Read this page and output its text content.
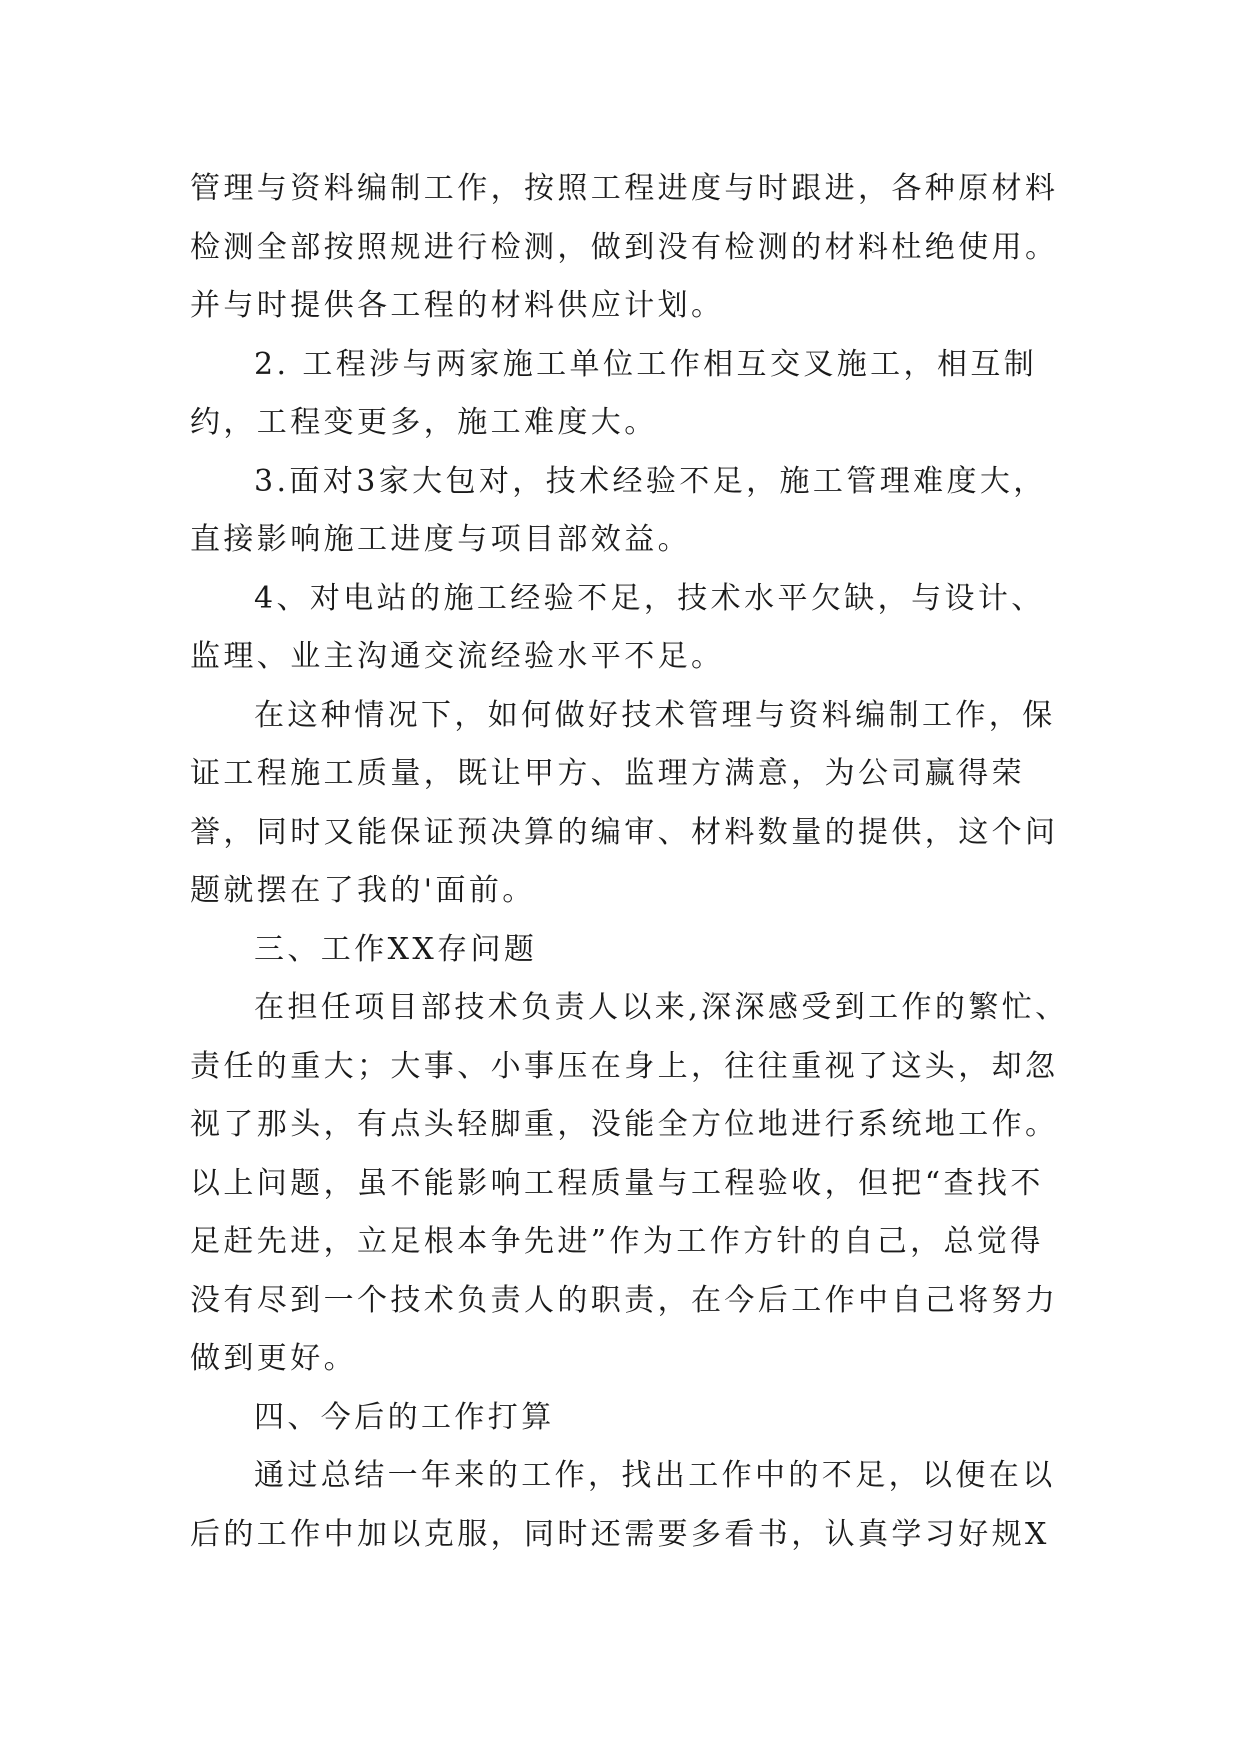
管理与资料编制工作，按照工程进度与时跟进，各种原材料检测全部按照规进行检测，做到没有检测的材料杜绝使用。并与时提供各工程的材料供应计划。

2. 工程涉与两家施工单位工作相互交叉施工，相互制约，工程变更多，施工难度大。

3.面对3家大包对，技术经验不足，施工管理难度大，直接影响施工进度与项目部效益。

4、对电站的施工经验不足，技术水平欠缺，与设计、监理、业主沟通交流经验水平不足。

在这种情况下，如何做好技术管理与资料编制工作，保证工程施工质量，既让甲方、监理方满意，为公司赢得荣誉，同时又能保证预决算的编审、材料数量的提供，这个问题就摆在了我的'面前。

三、工作XX存问题

在担任项目部技术负责人以来,深深感受到工作的繁忙、责任的重大；大事、小事压在身上，往往重视了这头，却忽视了那头，有点头轻脚重，没能全方位地进行系统地工作。以上问题，虽不能影响工程质量与工程验收，但把“查找不足赶先进，立足根本争先进”作为工作方针的自己，总觉得没有尽到一个技术负责人的职责，在今后工作中自己将努力做到更好。

四、今后的工作打算

通过总结一年来的工作，找出工作中的不足，以便在以后的工作中加以克服，同时还需要多看书，认真学习好规X
